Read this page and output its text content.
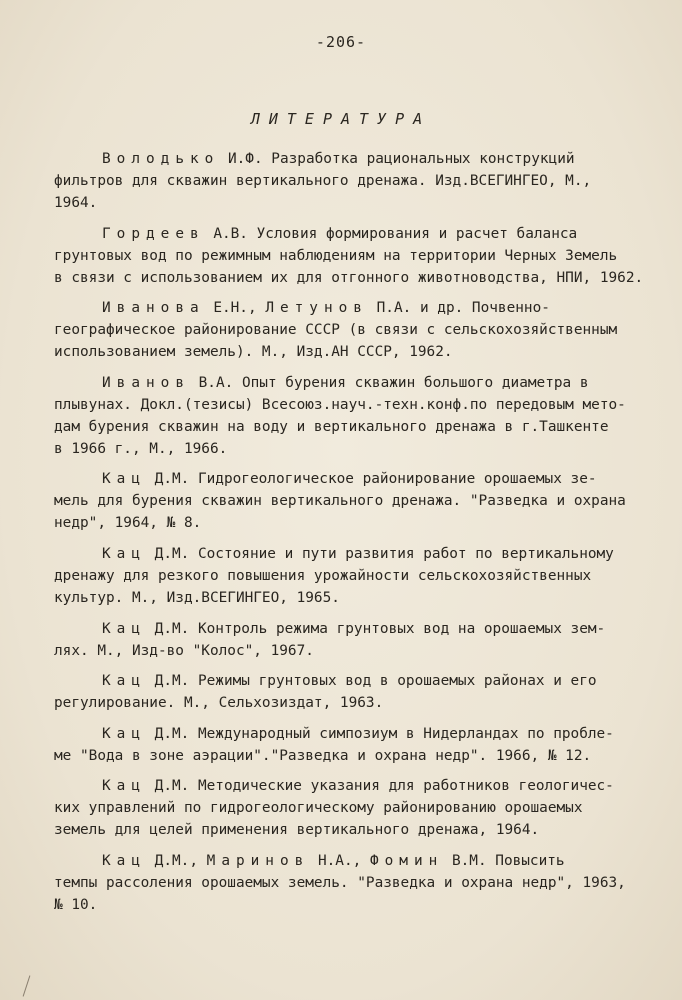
-206-
ЛИТЕРАТУРА
Володько И.Ф. Разработка рациональных конструкций
фильтров для скважин вертикального дренажа. Изд.ВСЕГИНГЕО, М.,
1964.
Гордеев А.В. Условия формирования и расчет баланса
грунтовых вод по режимным наблюдениям на территории Черных Земель
в связи с использованием их для отгонного животноводства, НПИ, 1962.
Иванова Е.Н., Летунов П.А. и др. Почвенно-
географическое районирование СССР (в связи с сельскохозяйственным
использованием земель). М., Изд.АН СССР, 1962.
Иванов В.А. Опыт бурения скважин большого диаметра в
плывунах. Докл.(тезисы) Всесоюз.науч.-техн.конф.по передовым мето-
дам бурения скважин на воду и вертикального дренажа в г.Ташкенте
в 1966 г., М., 1966.
Кац Д.М. Гидрогеологическое районирование орошаемых зе-
мель для бурения скважин вертикального дренажа. "Разведка и охрана
недр", 1964, № 8.
Кац Д.М. Состояние и пути развития работ по вертикальному
дренажу для резкого повышения урожайности сельскохозяйственных
культур. М., Изд.ВСЕГИНГЕО, 1965.
Кац Д.М. Контроль режима грунтовых вод на орошаемых зем-
лях. М., Изд-во "Колос", 1967.
Кац Д.М. Режимы грунтовых вод в орошаемых районах и его
регулирование. М., Сельхозиздат, 1963.
Кац Д.М. Международный симпозиум в Нидерландах по пробле-
ме "Вода в зоне аэрации"."Разведка и охрана недр". 1966, № 12.
Кац Д.М. Методические указания для работников геологичес-
ких управлений по гидрогеологическому районированию орошаемых
земель для целей применения вертикального дренажа, 1964.
Кац Д.М., Маринов Н.А., Фомин В.М. Повысить
темпы рассоления орошаемых земель. "Разведка и охрана недр", 1963,
№ 10.
